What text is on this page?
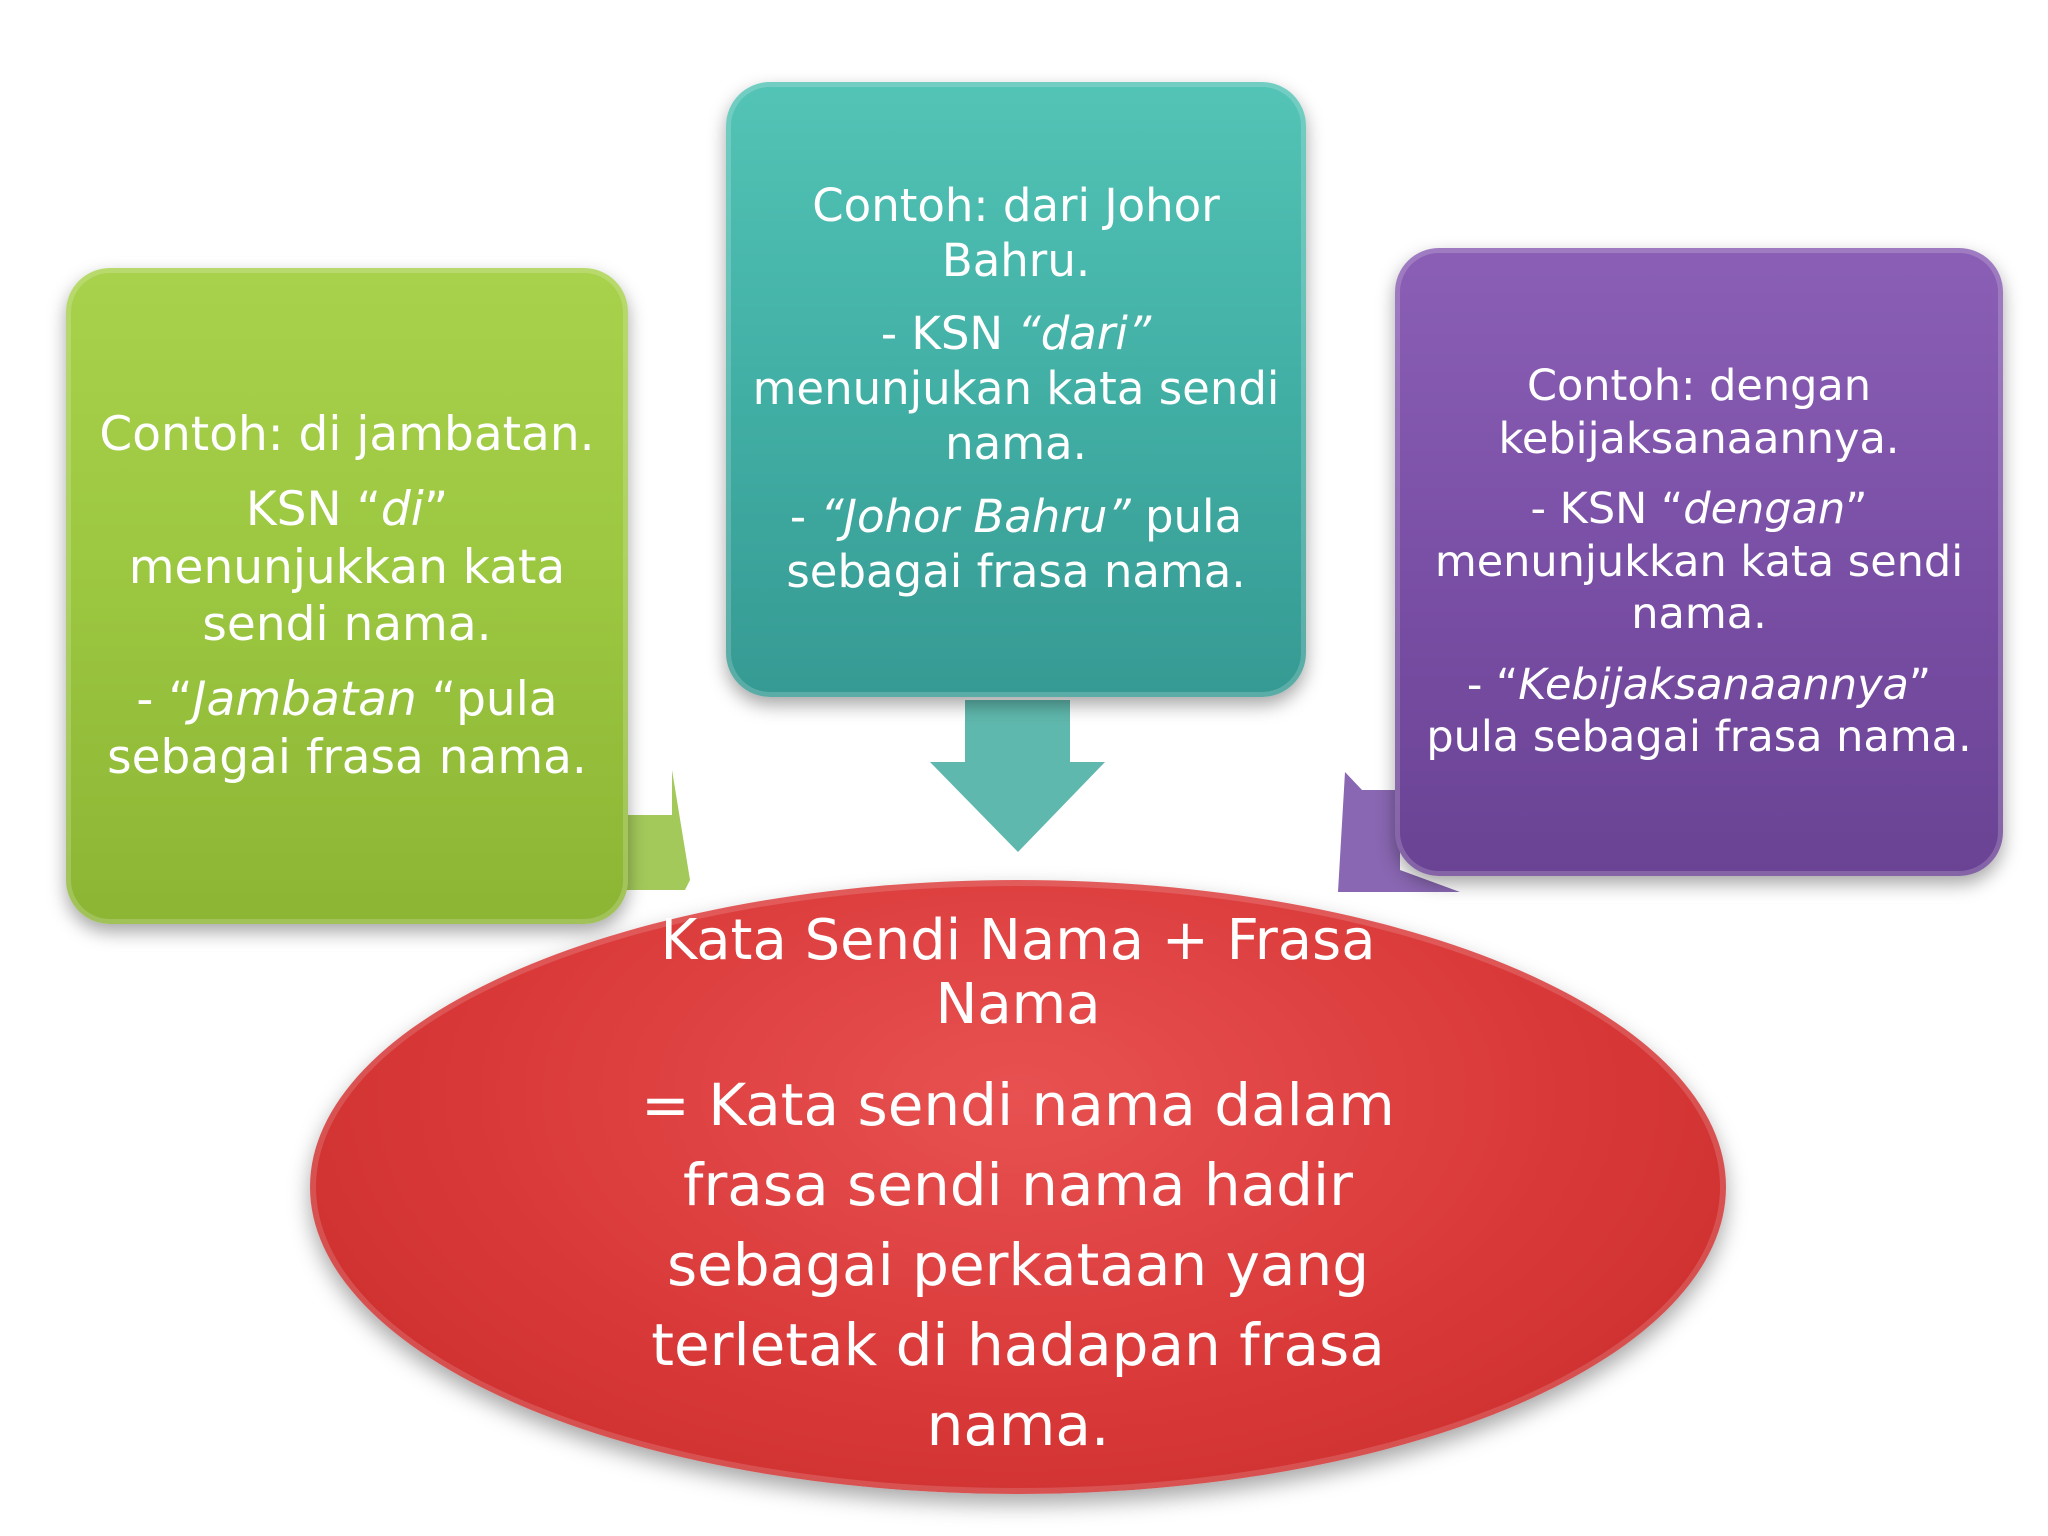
Contoh: di jambatan.

KSN “di” menunjukkan kata sendi nama.

- “Jambatan “pula sebagai frasa nama.

Contoh: dari Johor Bahru.

- KSN “dari” menunjukan kata sendi nama.

- “Johor Bahru” pula sebagai frasa nama.

Contoh: dengan kebijaksanaannya.

- KSN “dengan” menunjukkan kata sendi nama.

- “Kebijaksanaannya” pula sebagai frasa nama.

Kata Sendi Nama + Frasa Nama

= Kata sendi nama dalam frasa sendi nama hadir sebagai perkataan yang terletak di hadapan frasa nama.
